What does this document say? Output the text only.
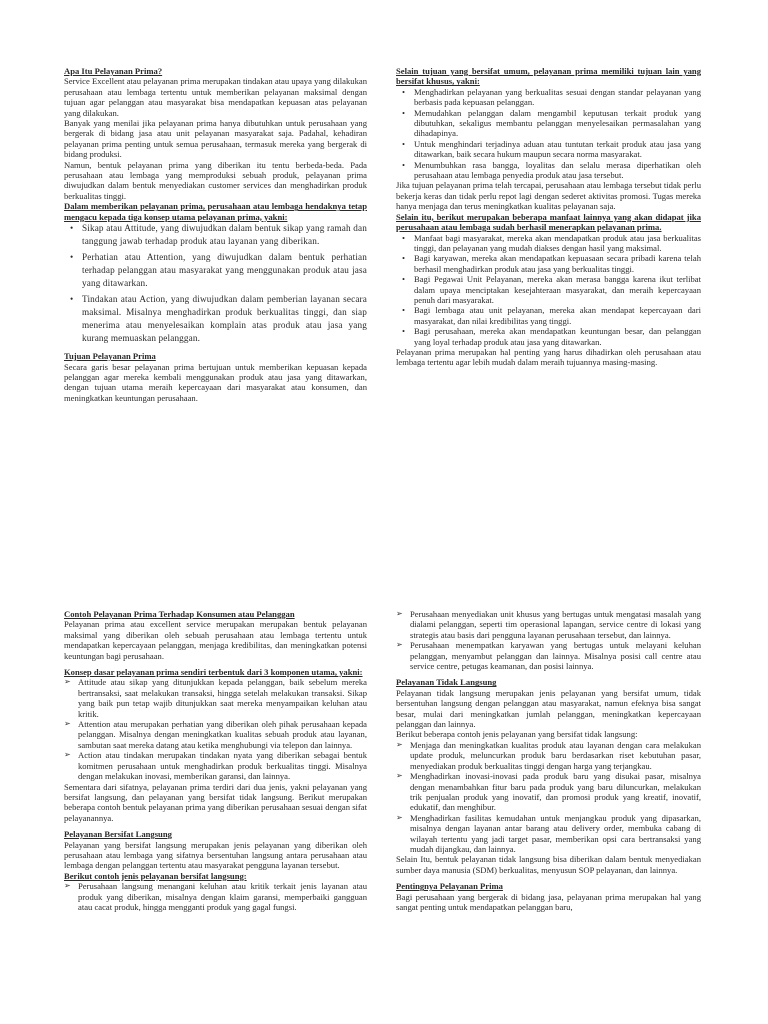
Apa Itu Pelayanan Prima?

Service Excellent atau pelayanan prima merupakan tindakan atau upaya yang dilakukan perusahaan atau lembaga tertentu untuk memberikan pelayanan maksimal dengan tujuan agar pelanggan atau masyarakat bisa mendapatkan kepuasan atas pelayanan yang dilakukan.

Banyak yang menilai jika pelayanan prima hanya dibutuhkan untuk perusahaan yang bergerak di bidang jasa atau unit pelayanan masyarakat saja. Padahal, kehadiran pelayanan prima penting untuk semua perusahaan, termasuk mereka yang bergerak di bidang produksi.

Namun, bentuk pelayanan prima yang diberikan itu tentu berbeda-beda. Pada perusahaan atau lembaga yang memproduksi sebuah produk, pelayanan prima diwujudkan dalam bentuk menyediakan customer services dan menghadirkan produk berkualitas tinggi.

Dalam memberikan pelayanan prima, perusahaan atau lembaga hendaknya tetap mengacu kepada tiga konsep utama pelayanan prima, yakni:

• Sikap atau Attitude, yang diwujudkan dalam bentuk sikap yang ramah dan tanggung jawab terhadap produk atau layanan yang diberikan.
• Perhatian atau Attention, yang diwujudkan dalam bentuk perhatian terhadap pelanggan atau masyarakat yang menggunakan produk atau jasa yang ditawarkan.
• Tindakan atau Action, yang diwujudkan dalam pemberian layanan secara maksimal. Misalnya menghadirkan produk berkualitas tinggi, dan siap menerima atau menyelesaikan komplain atas produk atau jasa yang kurang memuaskan pelanggan.

Tujuan Pelayanan Prima

Secara garis besar pelayanan prima bertujuan untuk memberikan kepuasan kepada pelanggan agar mereka kembali menggunakan produk atau jasa yang ditawarkan, dengan tujuan utama meraih kepercayaan dari masyarakat atau konsumen, dan meningkatkan keuntungan perusahaan.

Selain tujuan yang bersifat umum, pelayanan prima memiliki tujuan lain yang bersifat khusus, yakni:

• Menghadirkan pelayanan yang berkualitas sesuai dengan standar pelayanan yang berbasis pada kepuasan pelanggan.
• Memudahkan pelanggan dalam mengambil keputusan terkait produk yang dibutuhkan, sekaligus membantu pelanggan menyelesaikan permasalahan yang dihadapinya.
• Untuk menghindari terjadinya aduan atau tuntutan terkait produk atau jasa yang ditawarkan, baik secara hukum maupun secara norma masyarakat.
• Menumbuhkan rasa bangga, loyalitas dan selalu merasa diperhatikan oleh perusahaan atau lembaga penyedia produk atau jasa tersebut.

Jika tujuan pelayanan prima telah tercapai, perusahaan atau lembaga tersebut tidak perlu bekerja keras dan tidak perlu repot lagi dengan sederet aktivitas promosi. Tugas mereka hanya menjaga dan terus meningkatkan kualitas pelayanan saja.

Selain itu, berikut merupakan beberapa manfaat lainnya yang akan didapat jika perusahaan atau lembaga sudah berhasil menerapkan pelayanan prima.

• Manfaat bagi masyarakat, mereka akan mendapatkan produk atau jasa berkualitas tinggi, dan pelayanan yang mudah diakses dengan hasil yang maksimal.
• Bagi karyawan, mereka akan mendapatkan kepuasaan secara pribadi karena telah berhasil menghadirkan produk atau jasa yang berkualitas tinggi.
• Bagi Pegawai Unit Pelayanan, mereka akan merasa bangga karena ikut terlibat dalam upaya menciptakan kesejahteraan masyarakat, dan meraih kepercayaan penuh dari masyarakat.
• Bagi lembaga atau unit pelayanan, mereka akan mendapat kepercayaan dari masyarakat, dan nilai kredibilitas yang tinggi.
• Bagi perusahaan, mereka akan mendapatkan keuntungan besar, dan pelanggan yang loyal terhadap produk atau jasa yang ditawarkan.

Pelayanan prima merupakan hal penting yang harus dihadirkan oleh perusahaan atau lembaga tertentu agar lebih mudah dalam meraih tujuannya masing-masing.

Contoh Pelayanan Prima Terhadap Konsumen atau Pelanggan

Pelayanan prima atau excellent service merupakan merupakan bentuk pelayanan maksimal yang diberikan oleh sebuah perusahaan atau lembaga tertentu untuk mendapatkan kepercayaan pelanggan, menjaga kredibilitas, dan meningkatkan potensi keuntungan bagi perusahaan.

Konsep dasar pelayanan prima sendiri terbentuk dari 3 komponen utama, yakni:

➢ Attitude atau sikap yang ditunjukkan kepada pelanggan, baik sebelum mereka bertransaksi, saat melakukan transaksi, hingga setelah melakukan transaksi. Sikap yang baik pun tetap wajib ditunjukkan saat mereka menyampaikan keluhan atau kritik.
➢ Attention atau merupakan perhatian yang diberikan oleh pihak perusahaan kepada pelanggan. Misalnya dengan meningkatkan kualitas sebuah produk atau layanan, sambutan saat mereka datang atau ketika menghubungi via telepon dan lainnya.
➢ Action atau tindakan merupakan tindakan nyata yang diberikan sebagai bentuk komitmen perusahaan untuk menghadirkan produk berkualitas tinggi. Misalnya dengan melakukan inovasi, memberikan garansi, dan lainnya.

Sementara dari sifatnya, pelayanan prima terdiri dari dua jenis, yakni pelayanan yang bersifat langsung, dan pelayanan yang bersifat tidak langsung. Berikut merupakan beberapa contoh bentuk pelayanan prima yang diberikan perusahaan sesuai dengan sifat pelayanannya.

Pelayanan Bersifat Langsung

Pelayanan yang bersifat langsung merupakan jenis pelayanan yang diberikan oleh perusahaan atau lembaga yang sifatnya bersentuhan langsung antara perusahaan atau lembaga dengan pelanggan tertentu atau masyarakat pengguna layanan tersebut.

Berikut contoh jenis pelayanan bersifat langsung:

➢ Perusahaan langsung menangani keluhan atau kritik terkait jenis layanan atau produk yang diberikan, misalnya dengan klaim garansi, memperbaiki gangguan atau cacat produk, hingga mengganti produk yang gagal fungsi.
➢ Perusahaan menyediakan unit khusus yang bertugas untuk mengatasi masalah yang dialami pelanggan, seperti tim operasional lapangan, service centre di lokasi yang strategis atau basis dari pengguna layanan perusahaan tersebut, dan lainnya.
➢ Perusahaan menempatkan karyawan yang bertugas untuk melayani keluhan pelanggan, menyambut pelanggan dan lainnya. Misalnya posisi call centre atau service centre, petugas keamanan, dan posisi lainnya.

Pelayanan Tidak Langsung

Pelayanan tidak langsung merupakan jenis pelayanan yang bersifat umum, tidak bersentuhan langsung dengan pelanggan atau masyarakat, namun efeknya bisa sangat besar, mulai dari meningkatkan jumlah pelanggan, meningkatkan kepercayaan pelanggan dan lainnya.

Berikut beberapa contoh jenis pelayanan yang bersifat tidak langsung:

➢ Menjaga dan meningkatkan kualitas produk atau layanan dengan cara melakukan update produk, meluncurkan produk baru berdasarkan riset kebutuhan pasar, menyediakan produk berkualitas tinggi dengan harga yang terjangkau.
➢ Menghadirkan inovasi-inovasi pada produk baru yang disukai pasar, misalnya dengan menambahkan fitur baru pada produk yang baru diluncurkan, melakukan trik penjualan produk yang inovatif, dan promosi produk yang kreatif, inovatif, edukatif, dan menghibur.
➢ Menghadirkan fasilitas kemudahan untuk menjangkau produk yang dipasarkan, misalnya dengan layanan antar barang atau delivery order, membuka cabang di wilayah tertentu yang jadi target pasar, memberikan opsi cara bertransaksi yang mudah dijangkau, dan lainnya.

Selain Itu, bentuk pelayanan tidak langsung bisa diberikan dalam bentuk menyediakan sumber daya manusia (SDM) berkualitas, menyusun SOP pelayanan, dan lainnya.

Pentingnya Pelayanan Prima

Bagi perusahaan yang bergerak di bidang jasa, pelayanan prima merupakan hal yang sangat penting untuk mendapatkan pelanggan baru,
